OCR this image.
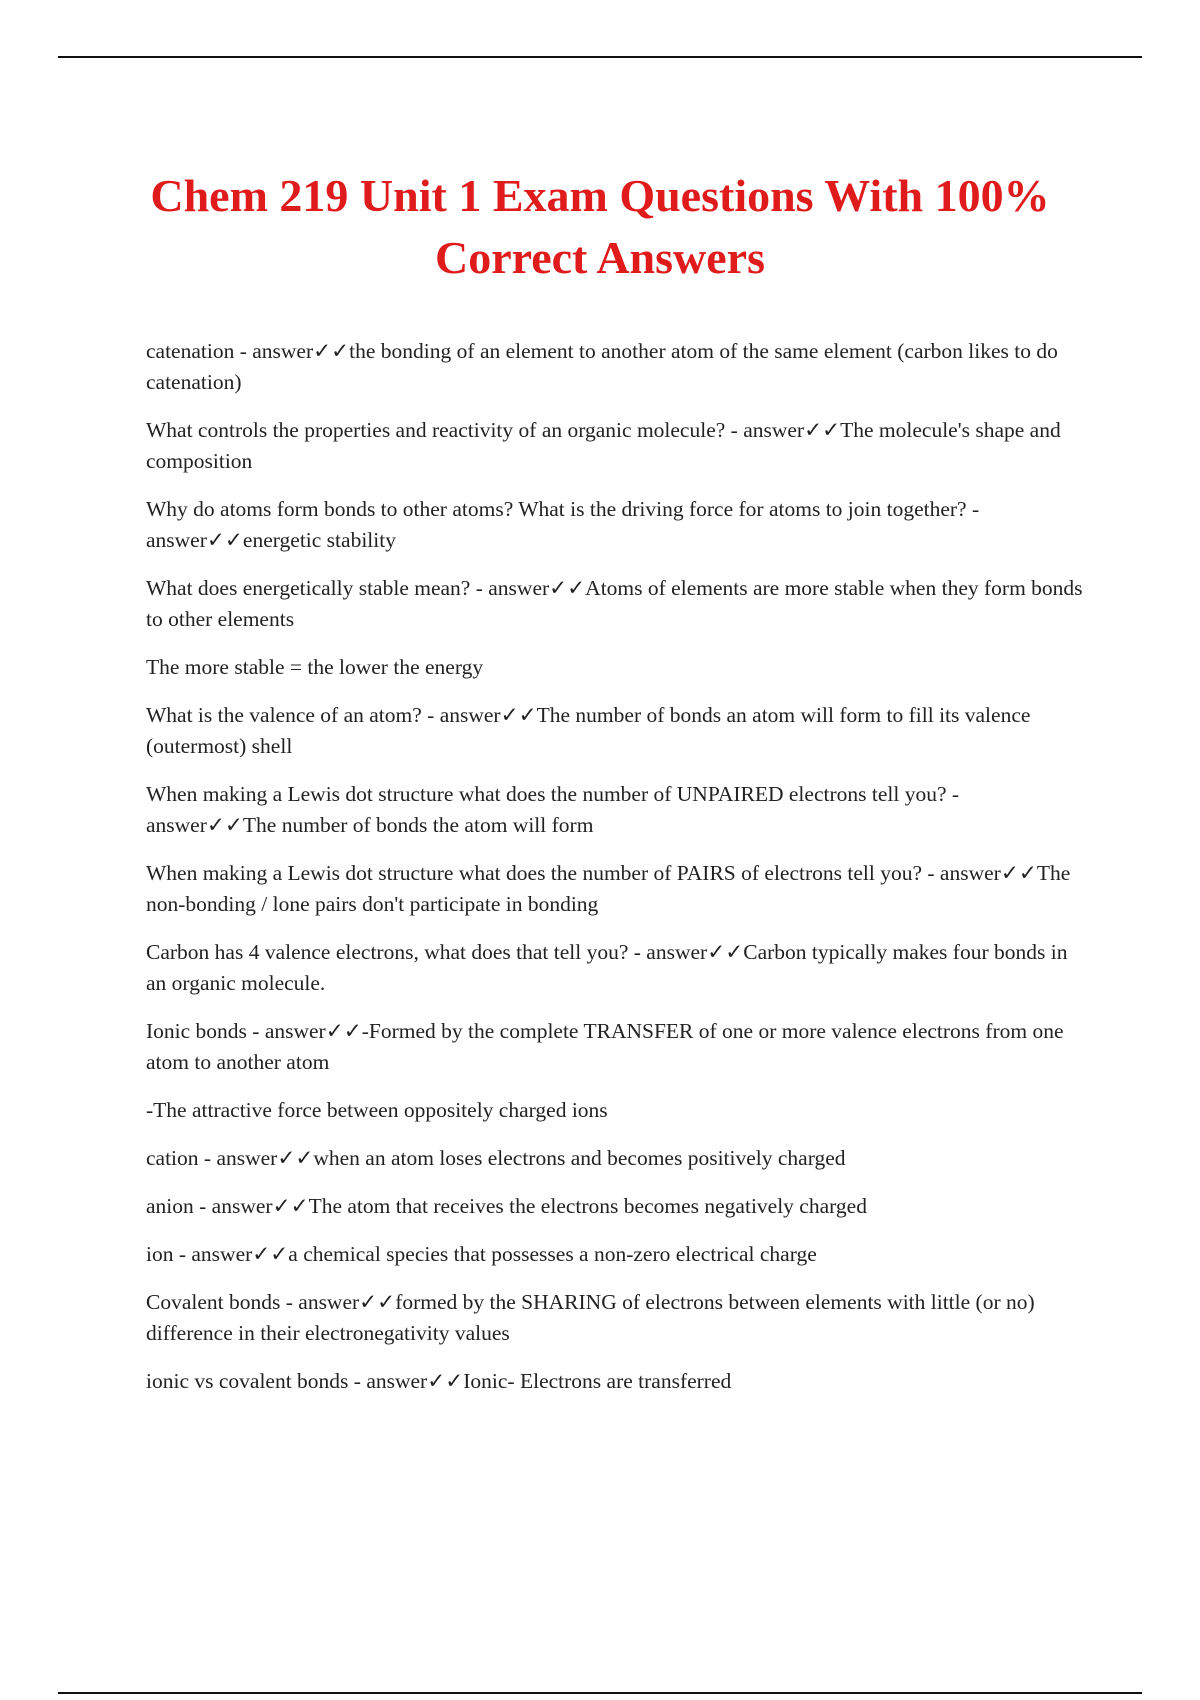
Chem 219 Unit 1 Exam Questions With 100% Correct Answers

catenation - answer✓✓the bonding of an element to another atom of the same element (carbon likes to do catenation)

What controls the properties and reactivity of an organic molecule? - answer✓✓The molecule's shape and composition

Why do atoms form bonds to other atoms? What is the driving force for atoms to join together? - answer✓✓energetic stability

What does energetically stable mean? - answer✓✓Atoms of elements are more stable when they form bonds to other elements

The more stable = the lower the energy

What is the valence of an atom? - answer✓✓The number of bonds an atom will form to fill its valence (outermost) shell

When making a Lewis dot structure what does the number of UNPAIRED electrons tell you? - answer✓✓The number of bonds the atom will form

When making a Lewis dot structure what does the number of PAIRS of electrons tell you? - answer✓✓The non-bonding / lone pairs don't participate in bonding

Carbon has 4 valence electrons, what does that tell you? - answer✓✓Carbon typically makes four bonds in an organic molecule.

Ionic bonds - answer✓✓-Formed by the complete TRANSFER of one or more valence electrons from one atom to another atom

-The attractive force between oppositely charged ions

cation - answer✓✓when an atom loses electrons and becomes positively charged

anion - answer✓✓The atom that receives the electrons becomes negatively charged

ion - answer✓✓a chemical species that possesses a non-zero electrical charge

Covalent bonds - answer✓✓formed by the SHARING of electrons between elements with little (or no) difference in their electronegativity values

ionic vs covalent bonds - answer✓✓Ionic- Electrons are transferred
